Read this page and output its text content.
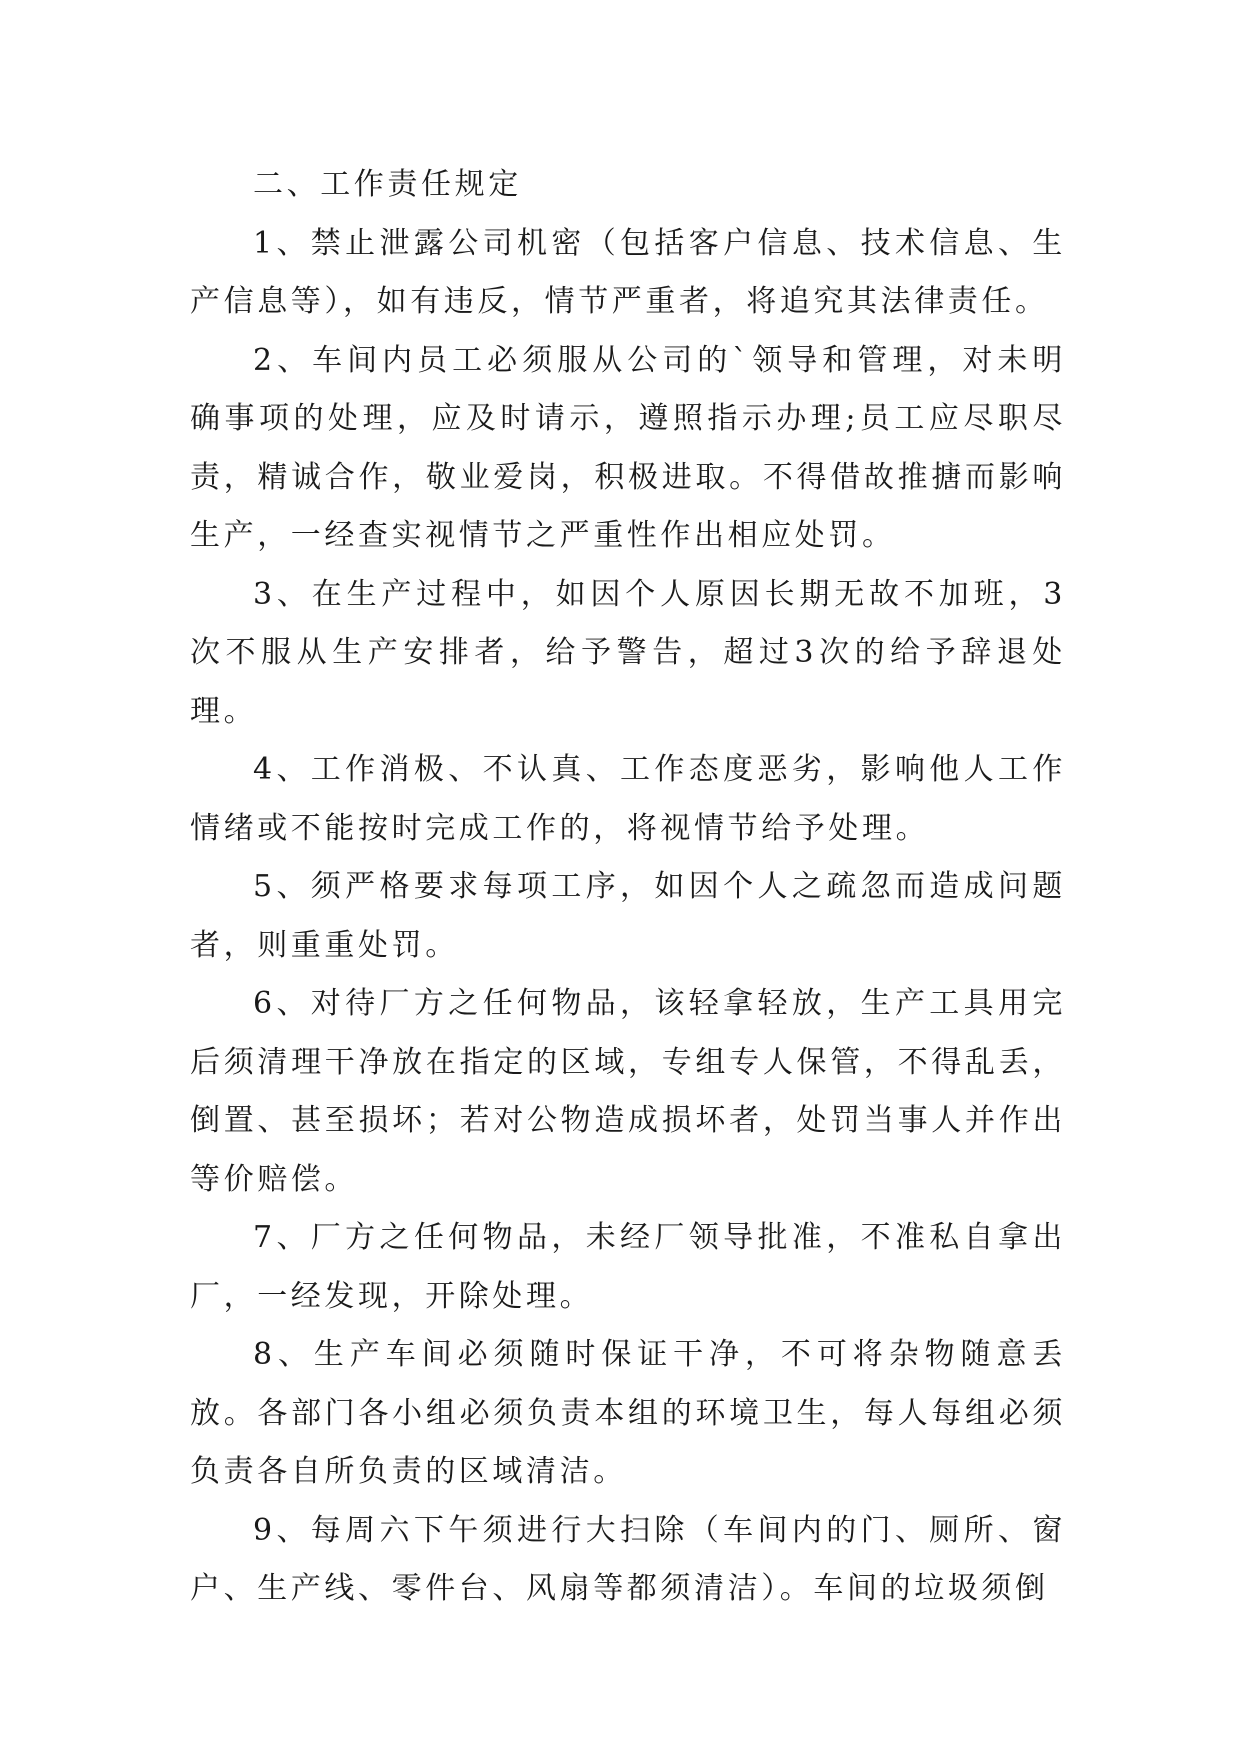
二、工作责任规定

1、禁止泄露公司机密（包括客户信息、技术信息、生产信息等），如有违反，情节严重者，将追究其法律责任。

2、车间内员工必须服从公司的`领导和管理，对未明确事项的处理，应及时请示，遵照指示办理;员工应尽职尽责，精诚合作，敬业爱岗，积极进取。不得借故推搪而影响生产，一经查实视情节之严重性作出相应处罚。

3、在生产过程中，如因个人原因长期无故不加班，3次不服从生产安排者，给予警告，超过3次的给予辞退处理。

4、工作消极、不认真、工作态度恶劣，影响他人工作情绪或不能按时完成工作的，将视情节给予处理。

5、须严格要求每项工序，如因个人之疏忽而造成问题者，则重重处罚。

6、对待厂方之任何物品，该轻拿轻放，生产工具用完后须清理干净放在指定的区域，专组专人保管，不得乱丢，倒置、甚至损坏；若对公物造成损坏者，处罚当事人并作出等价赔偿。

7、厂方之任何物品，未经厂领导批准，不准私自拿出厂，一经发现，开除处理。

8、生产车间必须随时保证干净，不可将杂物随意丢放。各部门各小组必须负责本组的环境卫生，每人每组必须负责各自所负责的区域清洁。

9、每周六下午须进行大扫除（车间内的门、厕所、窗户、生产线、零件台、风扇等都须清洁）。车间的垃圾须倒
